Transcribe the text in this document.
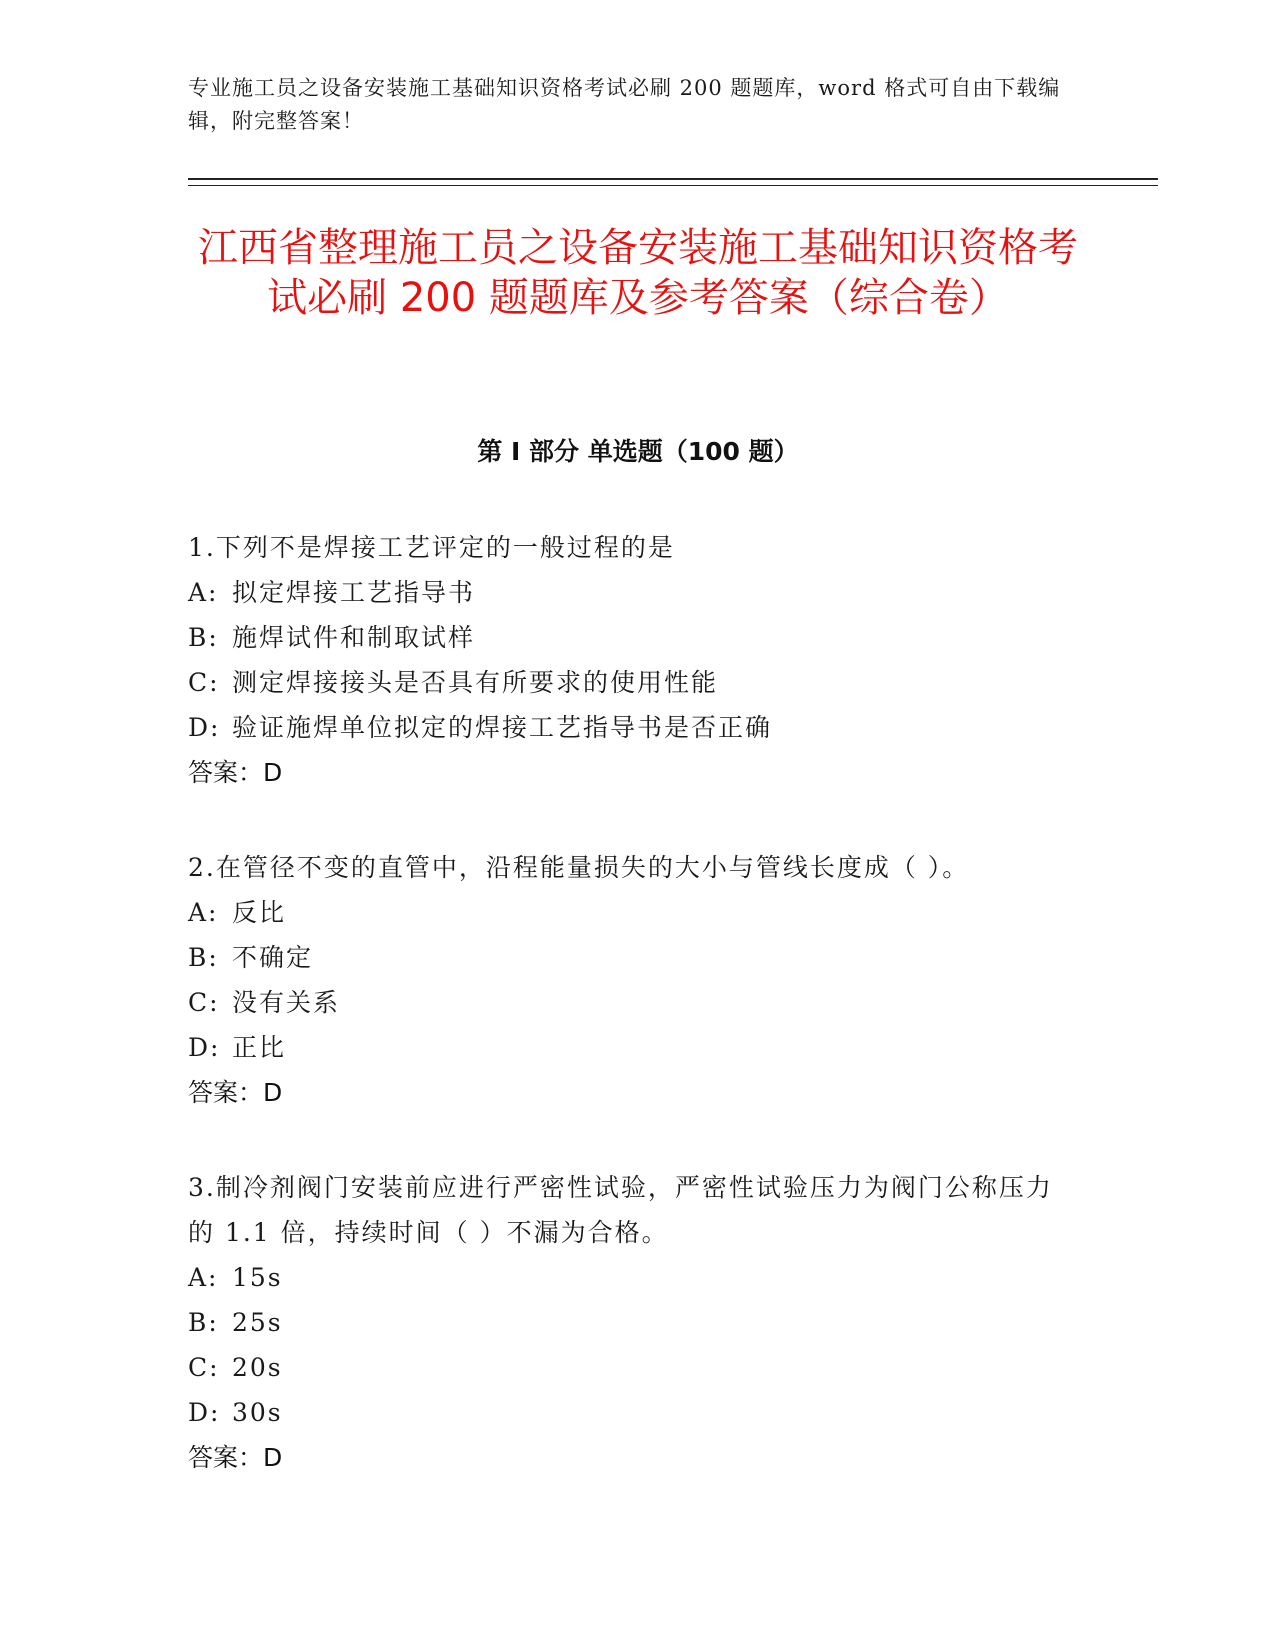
专业施工员之设备安装施工基础知识资格考试必刷 200 题题库，word 格式可自由下载编辑，附完整答案！

江西省整理施工员之设备安装施工基础知识资格考试必刷 200 题题库及参考答案（综合卷）
第 I 部分 单选题（100 题）

1.下列不是焊接工艺评定的一般过程的是

A: 拟定焊接工艺指导书
B: 施焊试件和制取试样
C: 测定焊接接头是否具有所要求的使用性能
D: 验证施焊单位拟定的焊接工艺指导书是否正确

答案：D

2.在管径不变的直管中，沿程能量损失的大小与管线长度成（ ）。

A: 反比
B: 不确定
C: 没有关系
D: 正比

答案：D

3.制冷剂阀门安装前应进行严密性试验，严密性试验压力为阀门公称压力的 1.1 倍，持续时间（ ）不漏为合格。

A: 15s
B: 25s
C: 20s
D: 30s

答案：D
